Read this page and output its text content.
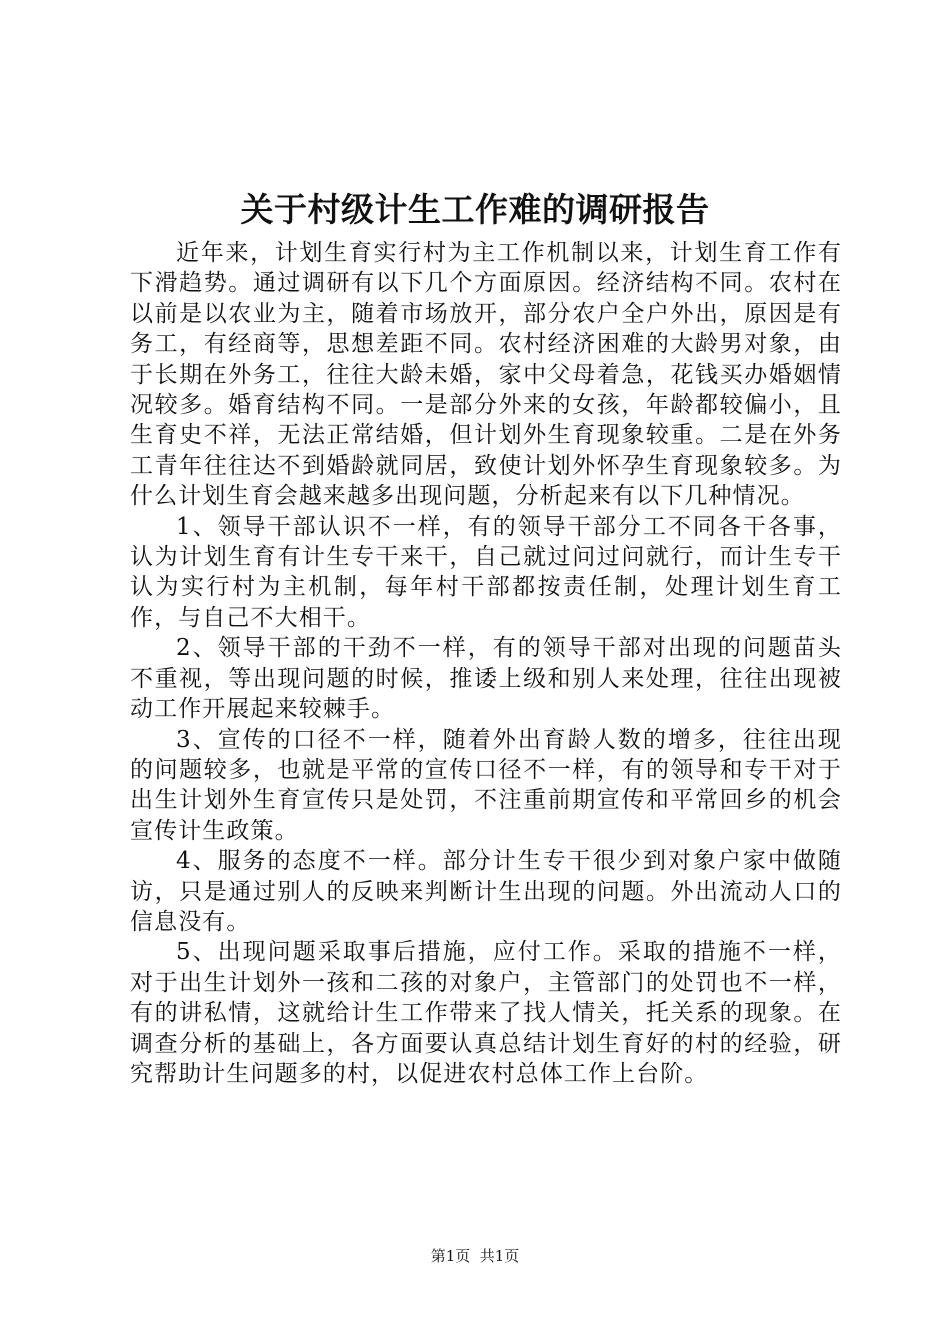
关于村级计生工作难的调研报告

近年来，计划生育实行村为主工作机制以来，计划生育工作有下滑趋势。通过调研有以下几个方面原因。经济结构不同。农村在以前是以农业为主，随着市场放开，部分农户全户外出，原因是有务工，有经商等，思想差距不同。农村经济困难的大龄男对象，由于长期在外务工，往往大龄未婚，家中父母着急，花钱买办婚姻情况较多。婚育结构不同。一是部分外来的女孩，年龄都较偏小，且生育史不祥，无法正常结婚，但计划外生育现象较重。二是在外务工青年往往达不到婚龄就同居，致使计划外怀孕生育现象较多。为什么计划生育会越来越多出现问题，分析起来有以下几种情况。

1、领导干部认识不一样，有的领导干部分工不同各干各事，认为计划生育有计生专干来干，自己就过问过问就行，而计生专干认为实行村为主机制，每年村干部都按责任制，处理计划生育工作，与自己不大相干。

2、领导干部的干劲不一样，有的领导干部对出现的问题苗头不重视，等出现问题的时候，推诿上级和别人来处理，往往出现被动工作开展起来较棘手。

3、宣传的口径不一样，随着外出育龄人数的增多，往往出现的问题较多，也就是平常的宣传口径不一样，有的领导和专干对于出生计划外生育宣传只是处罚，不注重前期宣传和平常回乡的机会宣传计生政策。

4、服务的态度不一样。部分计生专干很少到对象户家中做随访，只是通过别人的反映来判断计生出现的问题。外出流动人口的信息没有。

5、出现问题采取事后措施，应付工作。采取的措施不一样，对于出生计划外一孩和二孩的对象户，主管部门的处罚也不一样，有的讲私情，这就给计生工作带来了找人情关，托关系的现象。在调查分析的基础上，各方面要认真总结计划生育好的村的经验，研究帮助计生问题多的村，以促进农村总体工作上台阶。

第1页  共1页
